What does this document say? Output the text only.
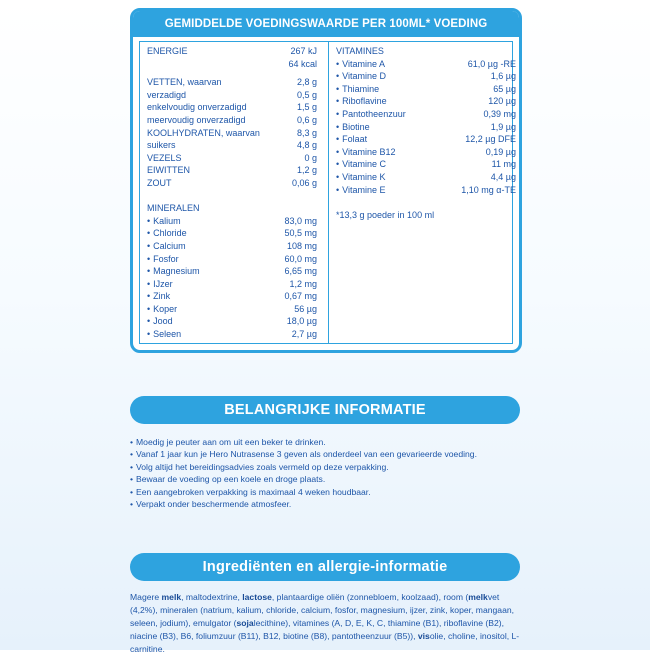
GEMIDDELDE VOEDINGSWAARDE PER 100ML* VOEDING
ENERGIE	267 kJ
64 kcal
VETTEN, waarvan	2,8 g
verzadigd	0,5 g
enkelvoudig onverzadigd	1,5 g
meervoudig onverzadigd	0,6 g
KOOLHYDRATEN, waarvan	8,3 g
suikers	4,8 g
VEZELS	0 g
EIWITTEN	1,2 g
ZOUT	0,06 g
MINERALEN
• Kalium	83,0 mg
• Chloride	50,5 mg
• Calcium	108 mg
• Fosfor	60,0 mg
• Magnesium	6,65 mg
• IJzer	1,2 mg
• Zink	0,67 mg
• Koper	56 µg
• Jood	18,0 µg
• Seleen	2,7 µg
VITAMINES
• Vitamine A	61,0 µg -RE
• Vitamine D	1,6 µg
• Thiamine	65 µg
• Riboflavine	120 µg
• Pantotheenzuur	0,39 mg
• Biotine	1,9 µg
• Folaat	12,2 µg DFE
• Vitamine B12	0,19 µg
• Vitamine C	11 mg
• Vitamine K	4,4 µg
• Vitamine E	1,10 mg α-TE
*13,3 g poeder in 100 ml
BELANGRIJKE INFORMATIE
• Moedig je peuter aan om uit een beker te drinken.
• Vanaf 1 jaar kun je Hero Nutrasense 3 geven als onderdeel van een gevarieerde voeding.
• Volg altijd het bereidingsadvies zoals vermeld op deze verpakking.
• Bewaar de voeding op een koele en droge plaats.
• Een aangebroken verpakking is maximaal 4 weken houdbaar.
• Verpakt onder beschermende atmosfeer.
Ingrediënten en allergie-informatie
Magere melk, maltodextrine, lactose, plantaardige oliën (zonnebloem, koolzaad), room (melkvet (4,2%), mineralen (natrium, kalium, chloride, calcium, fosfor, magnesium, ijzer, zink, koper, mangaan, seleen, jodium), emulgator (sojalecithine), vitamines (A, D, E, K, C, thiamine (B1), riboflavine (B2), niacine (B3), B6, foliumzuur (B11), B12, biotine (B8), pantotheenzuur (B5)), visolie, choline, inositol, L-carnitine.
